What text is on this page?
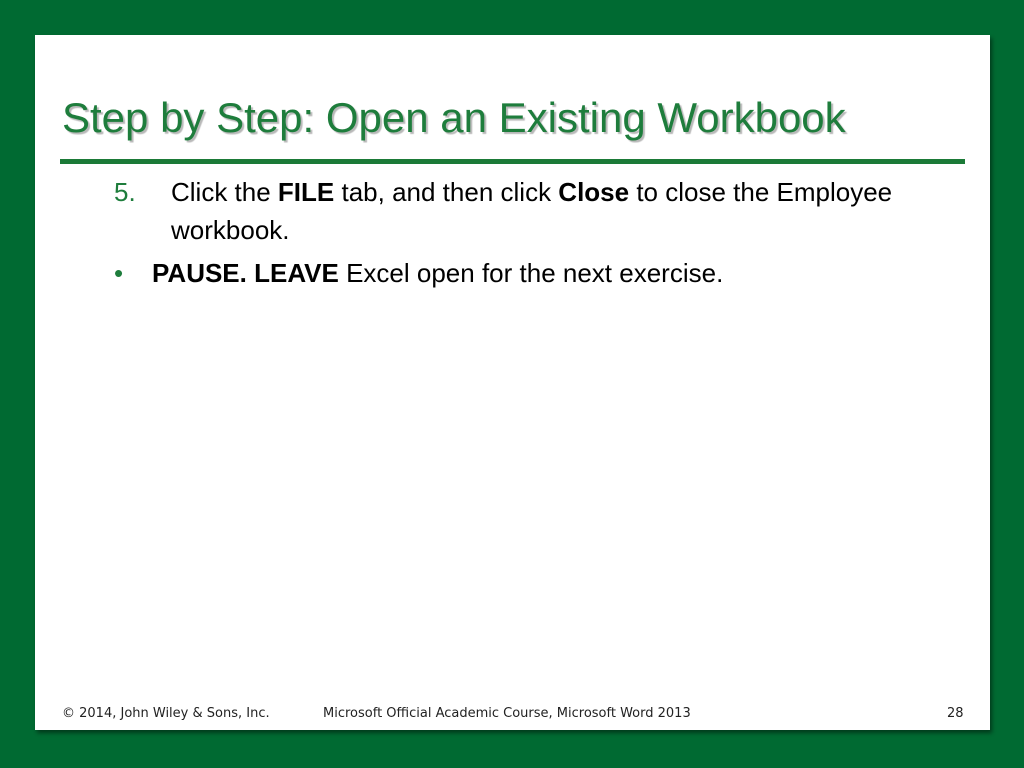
Step by Step: Open an Existing Workbook
5. Click the FILE tab, and then click Close to close the Employee workbook.
• PAUSE. LEAVE Excel open for the next exercise.
© 2014, John Wiley & Sons, Inc.	Microsoft Official Academic Course, Microsoft Word 2013	28
